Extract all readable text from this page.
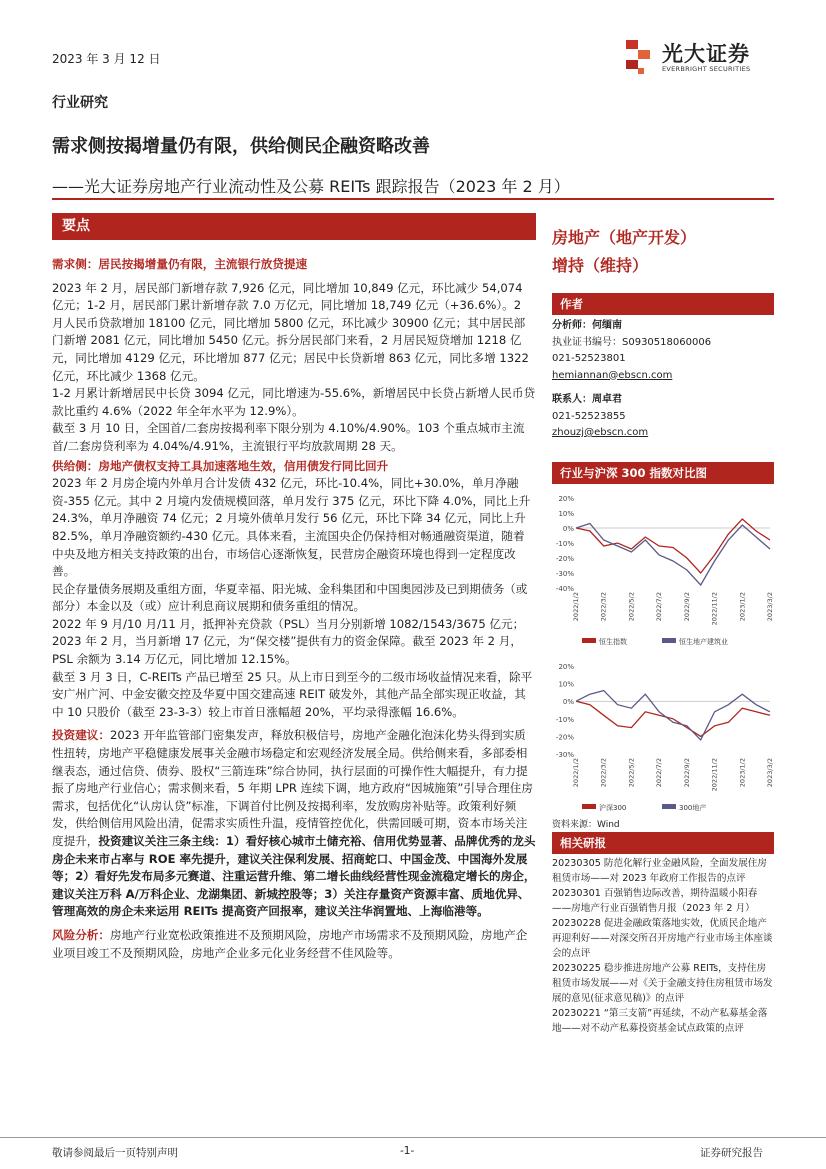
2023 年 3 月 12 日	光大证券
EVERBRIGHT SECURITIES
行业研究
需求侧按揭增量仍有限，供给侧民企融资略改善
——光大证券房地产行业流动性及公募 REITs 跟踪报告（2023 年 2 月）
要点

需求侧：居民按揭增量仍有限，主流银行放贷提速

2023 年 2 月，居民部门新增存款 7,926 亿元，同比增加 10,849 亿元，环比减少 54,074 亿元；1-2 月，居民部门累计新增存款 7.0 万亿元，同比增加 18,749 亿元（+36.6%）。2 月人民币贷款增加 18100 亿元，同比增加 5800 亿元，环比减少 30900 亿元；其中居民部门新增 2081 亿元，同比增加 5450 亿元。拆分居民部门来看，2 月居民短贷增加 1218 亿元，同比增加 4129 亿元，环比增加 877 亿元；居民中长贷新增 863 亿元，同比多增 1322 亿元，环比减少 1368 亿元。

1-2 月累计新增居民中长贷 3094 亿元，同比增速为-55.6%，新增居民中长贷占新增人民币贷款比重约 4.6%（2022 年全年水平为 12.9%）。

截至 3 月 10 日，全国首/二套房按揭利率下限分别为 4.10%/4.90%。103 个重点城市主流首/二套房贷利率为 4.04%/4.91%，主流银行平均放款周期 28 天。

供给侧：房地产债权支持工具加速落地生效，信用债发行同比回升

2023 年 2 月房企境内外单月合计发债 432 亿元，环比-10.4%，同比+30.0%，单月净融资-355 亿元。其中 2 月境内发债规模回落，单月发行 375 亿元，环比下降 4.0%，同比上升 24.3%，单月净融资 74 亿元；2 月境外债单月发行 56 亿元，环比下降 34 亿元，同比上升 82.5%，单月净融资额约-430 亿元。具体来看，主流国央企仍保持相对畅通融资渠道，随着中央及地方相关支持政策的出台，市场信心逐渐恢复，民营房企融资环境也得到一定程度改善。

民企存量债务展期及重组方面，华夏幸福、阳光城、金科集团和中国奥园涉及已到期债务（或部分）本金以及（或）应计利息商议展期和债务重组的情况。

2022 年 9 月/10 月/11 月，抵押补充贷款（PSL）当月分别新增 1082/1543/3675 亿元；2023 年 2 月，当月新增 17 亿元，为“保交楼”提供有力的资金保障。截至 2023 年 2 月，PSL 余额为 3.14 万亿元，同比增加 12.15%。

截至 3 月 3 日，C-REITs 产品已增至 25 只。从上市日到至今的二级市场收益情况来看，除平安广州广河、中金安徽交控及华夏中国交建高速 REIT 破发外，其他产品全部实现正收益，其中 10 只股价（截至 23-3-3）较上市首日涨幅超 20%，平均录得涨幅 16.6%。

投资建议：2023 开年监管部门密集发声，释放积极信号，房地产金融化泡沫化势头得到实质性扭转，房地产平稳健康发展事关金融市场稳定和宏观经济发展全局。供给侧来看，多部委相继表态，通过信贷、债券、股权“三箭连珠”综合协同，执行层面的可操作性大幅提升，有力提振了房地产行业信心；需求侧来看，5 年期 LPR 连续下调，地方政府“因城施策”引导合理住房需求，包括优化“认房认贷”标准，下调首付比例及按揭利率，发放购房补贴等。政策利好频发，供给侧信用风险出清，促需求实质性升温，疫情管控优化，供需回暖可期，资本市场关注度提升，投资建议关注三条主线：1）看好核心城市土储充裕、信用优势显著、品牌优秀的龙头房企未来市占率与 ROE 率先提升，建议关注保利发展、招商蛇口、中国金茂、中国海外发展等；2）看好先发布局多元赛道、注重运营升维、第二增长曲线经营性现金流稳定增长的房企，建议关注万科 A/万科企业、龙湖集团、新城控股等；3）关注存量资产资源丰富、质地优异、管理高效的房企未来运用 REITs 提高资产回报率，建议关注华润置地、上海临港等。

风险分析：房地产行业宽松政策推进不及预期风险，房地产市场需求不及预期风险，房地产企业项目竣工不及预期风险，房地产企业多元化业务经营不佳风险等。

房地产（地产开发）
增持（维持）
作者
分析师：何缅南
执业证书编号：S0930518060006
021-52523801
hemiannan@ebscn.com
联系人：周卓君
021-52523855
zhouzj@ebscn.com
行业与沪深 300 指数对比图
20%
10%
0%
-10%
-20%
-30%
-40%
2022/1/2	2022/3/2	2022/5/2	2022/7/2	2022/9/2	2022/11/2	2023/1/2	2023/3/2
恒生指数	恒生地产建筑业
20%
10%
0%
-10%
-20%
-30%
2022/1/2	2022/3/2	2022/5/2	2022/7/2	2022/9/2	2022/11/2	2023/1/2	2023/3/2
沪深300	300地产
资料来源：Wind
相关研报
20230305 防范化解行业金融风险，全面发展住房租赁市场——对 2023 年政府工作报告的点评
20230301 百强销售边际改善，期待温暖小阳春——房地产行业百强销售月报（2023 年 2 月）
20230228 促进金融政策落地实效，优质民企地产再迎利好——对深交所召开房地产行业市场主体座谈会的点评
20230225 稳步推进房地产公募 REITs，支持住房租赁市场发展——对《关于金融支持住房租赁市场发展的意见(征求意见稿)》的点评
20230221 “第三支箭”再延续，不动产私募基金落地——对不动产私募投资基金试点政策的点评
敬请参阅最后一页特别声明	-1-	证券研究报告
